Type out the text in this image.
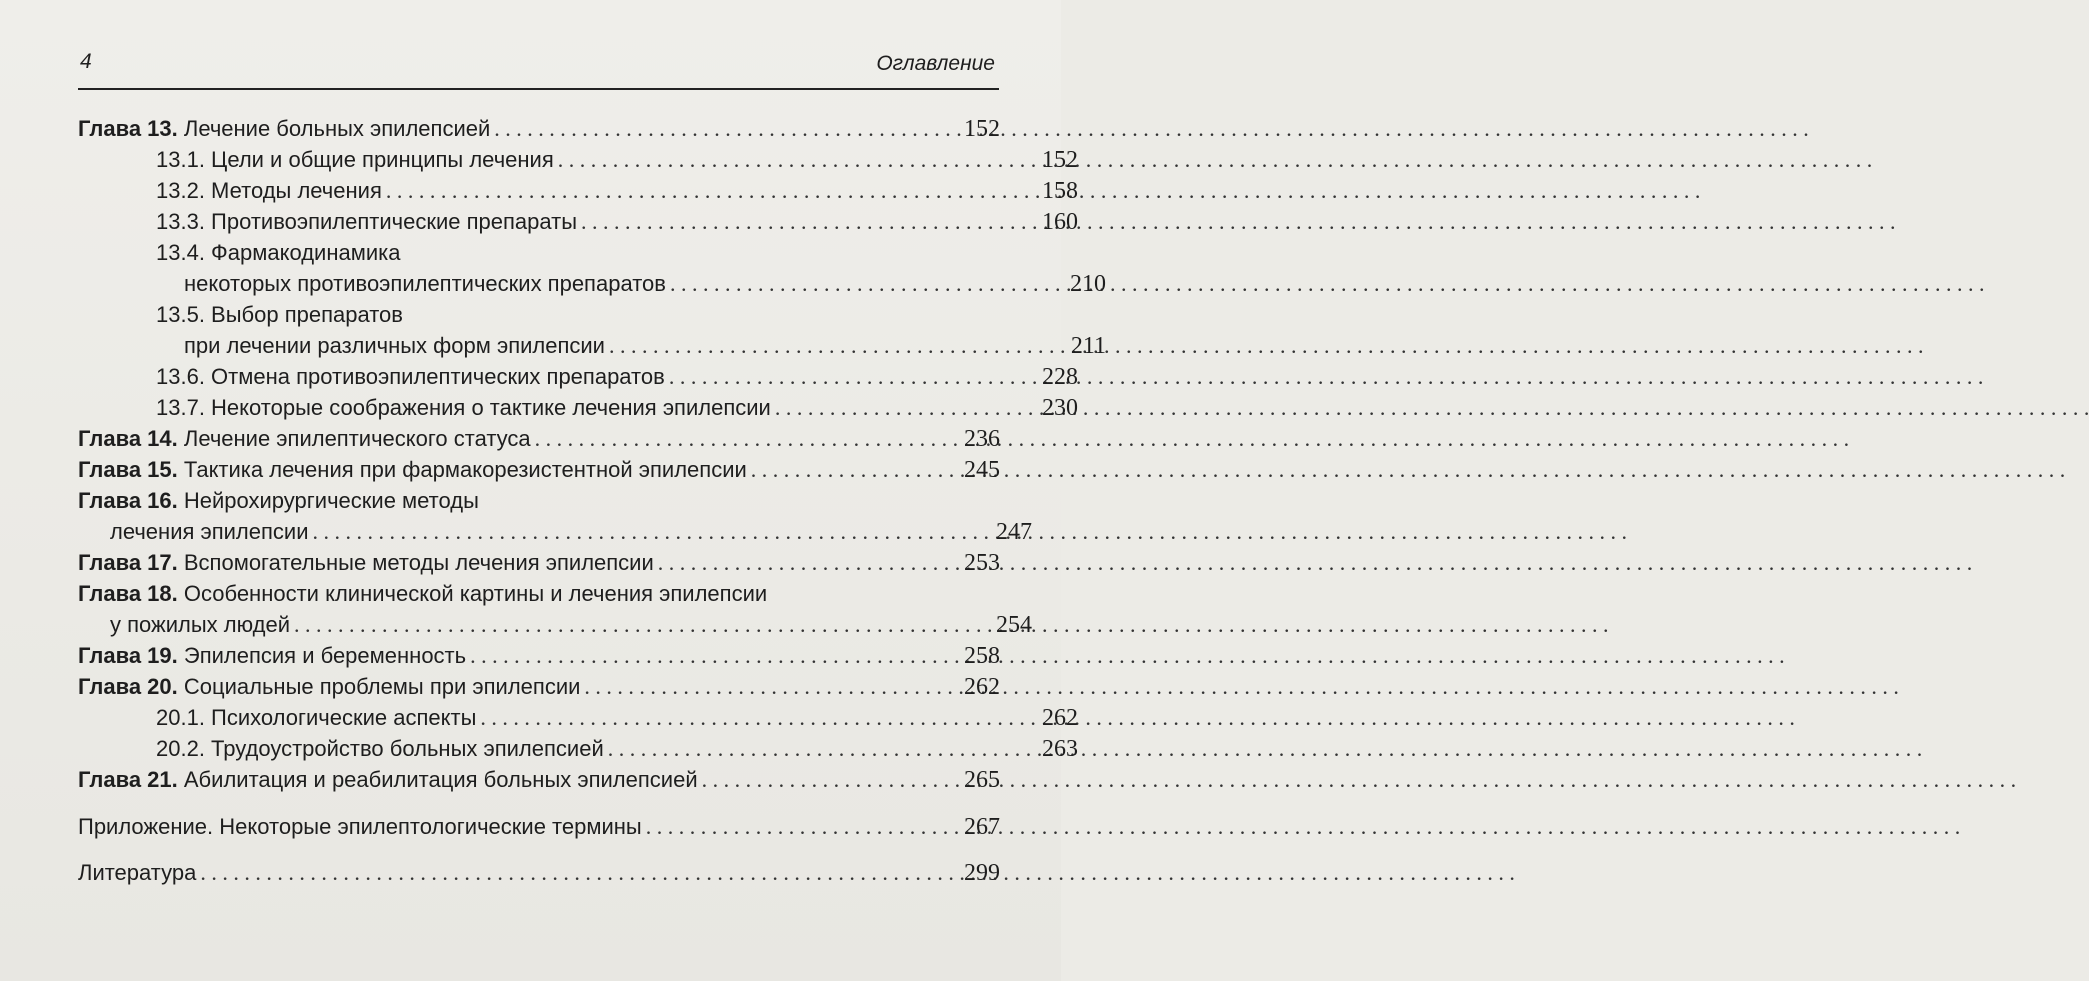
4	Оглавление
Глава 13. Лечение больных эпилепсией . . .	152
13.1. Цели и общие принципы лечения . . .	152
13.2. Методы лечения . . .	158
13.3. Противоэпилептические препараты . . .	160
13.4. Фармакодинамика
некоторых противоэпилептических препаратов . . .	210
13.5. Выбор препаратов
при лечении различных форм эпилепсии . . .	211
13.6. Отмена противоэпилептических препаратов . . .	228
13.7. Некоторые соображения о тактике лечения эпилепсии . . .	230
Глава 14. Лечение эпилептического статуса . . .	236
Глава 15. Тактика лечения при фармакорезистентной эпилепсии . . .	245
Глава 16. Нейрохирургические методы
лечения эпилепсии . . .	247
Глава 17. Вспомогательные методы лечения эпилепсии . . .	253
Глава 18. Особенности клинической картины и лечения эпилепсии
у пожилых людей . . .	254
Глава 19. Эпилепсия и беременность . . .	258
Глава 20. Социальные проблемы при эпилепсии . . .	262
20.1. Психологические аспекты . . .	262
20.2. Трудоустройство больных эпилепсией . . .	263
Глава 21. Абилитация и реабилитация больных эпилепсией . . .	265
Приложение. Некоторые эпилептологические термины . . .	267
Литература . . .	299
